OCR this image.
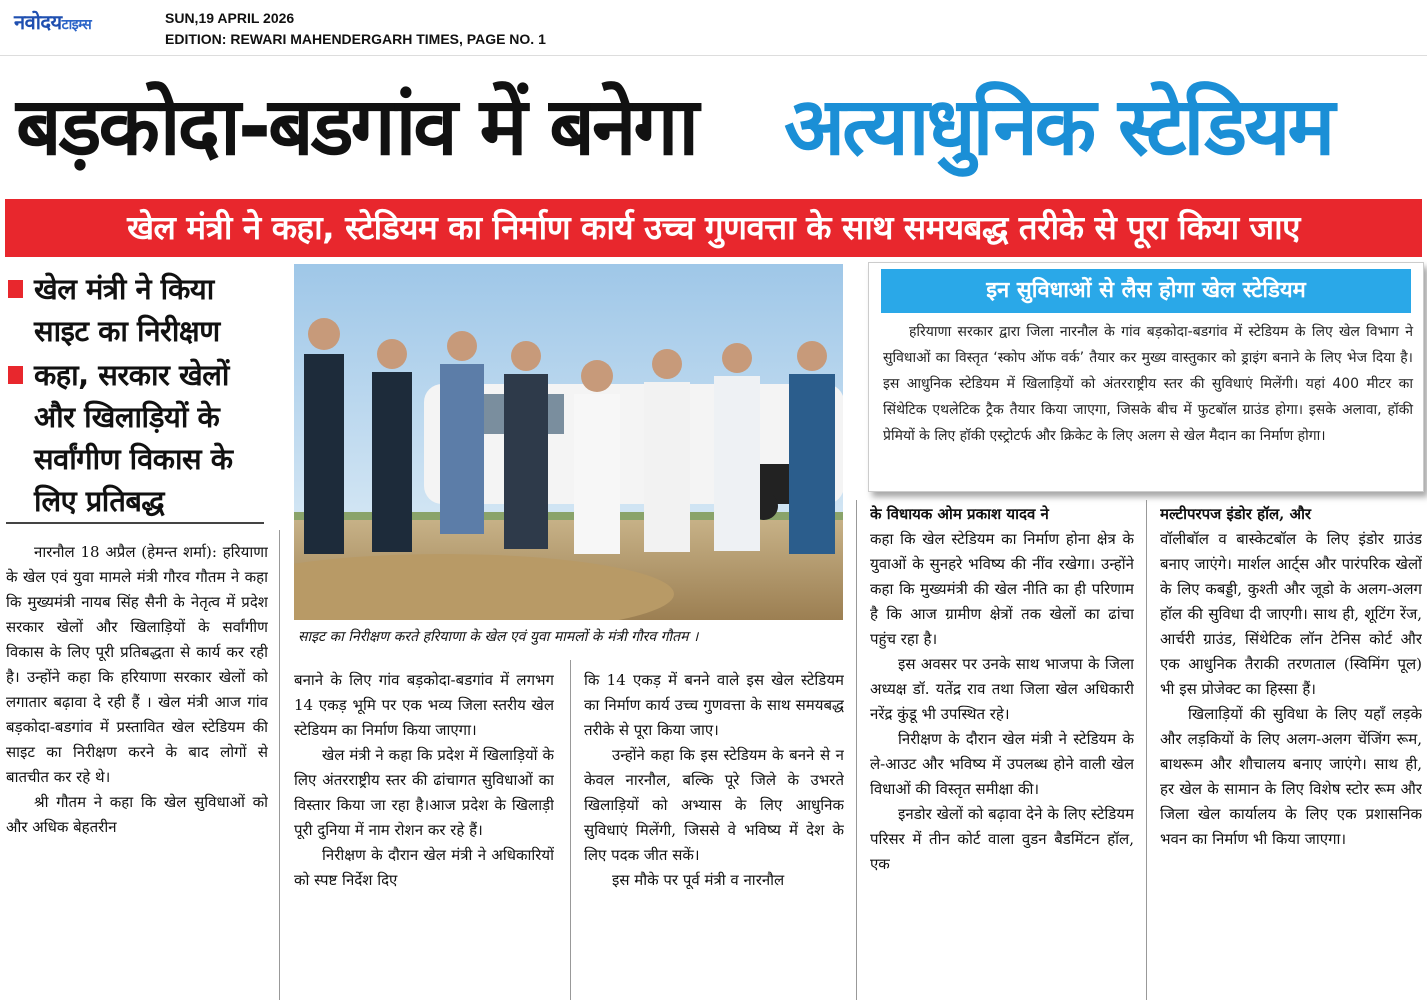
नवोदयटाइम्स	SUN,19 APRIL 2026
EDITION: REWARI MAHENDERGARH TIMES, PAGE NO. 1
बड़कोदा-बडगांव में बनेगा अत्याधुनिक स्टेडियम
खेल मंत्री ने कहा, स्टेडियम का निर्माण कार्य उच्च गुणवत्ता के साथ समयबद्ध तरीके से पूरा किया जाए
खेल मंत्री ने किया साइट का निरीक्षण
कहा, सरकार खेलों और खिलाड़ियों के सर्वांगीण विकास के लिए प्रतिबद्ध
साइट का निरीक्षण करते हरियाणा के खेल एवं युवा मामलों के मंत्री गौरव गौतम ।
इन सुविधाओं से लैस होगा खेल स्टेडियम
हरियाणा सरकार द्वारा जिला नारनौल के गांव बड़कोदा-बडगांव में स्टेडियम के लिए खेल विभाग ने सुविधाओं का विस्तृत ‘स्कोप ऑफ वर्क’ तैयार कर मुख्य वास्तुकार को ड्राइंग बनाने के लिए भेज दिया है। इस आधुनिक स्टेडियम में खिलाड़ियों को अंतरराष्ट्रीय स्तर की सुविधाएं मिलेंगी। यहां 400 मीटर का सिंथेटिक एथलेटिक ट्रैक तैयार किया जाएगा, जिसके बीच में फुटबॉल ग्राउंड होगा। इसके अलावा, हॉकी प्रेमियों के लिए हॉकी एस्ट्रोटर्फ और क्रिकेट के लिए अलग से खेल मैदान का निर्माण होगा।

नारनौल 18 अप्रैल (हेमन्त शर्मा): हरियाणा के खेल एवं युवा मामले मंत्री गौरव गौतम ने कहा कि मुख्यमंत्री नायब सिंह सैनी के नेतृत्व में प्रदेश सरकार खेलों और खिलाड़ियों के सर्वांगीण विकास के लिए पूरी प्रतिबद्धता से कार्य कर रही है। उन्होंने कहा कि हरियाणा सरकार खेलों को लगातार बढ़ावा दे रही हैं । खेल मंत्री आज गांव बड़कोदा-बडगांव में प्रस्तावित खेल स्टेडियम की साइट का निरीक्षण करने के बाद लोगों से बातचीत कर रहे थे।

श्री गौतम ने कहा कि खेल सुविधाओं को और अधिक बेहतरीन

बनाने के लिए गांव बड़कोदा-बडगांव में लगभग 14 एकड़ भूमि पर एक भव्य जिला स्तरीय खेल स्टेडियम का निर्माण किया जाएगा।

खेल मंत्री ने कहा कि प्रदेश में खिलाड़ियों के लिए अंतरराष्ट्रीय स्तर की ढांचागत सुविधाओं का विस्तार किया जा रहा है।आज प्रदेश के खिलाड़ी पूरी दुनिया में नाम रोशन कर रहे हैं।

निरीक्षण के दौरान खेल मंत्री ने अधिकारियों को स्पष्ट निर्देश दिए

कि 14 एकड़ में बनने वाले इस खेल स्टेडियम का निर्माण कार्य उच्च गुणवत्ता के साथ समयबद्ध तरीके से पूरा किया जाए।

उन्होंने कहा कि इस स्टेडियम के बनने से न केवल नारनौल, बल्कि पूरे जिले के उभरते खिलाड़ियों को अभ्यास के लिए आधुनिक सुविधाएं मिलेंगी, जिससे वे भविष्य में देश के लिए पदक जीत सकें।

इस मौके पर पूर्व मंत्री व नारनौल

के विधायक ओम प्रकाश यादव ने

कहा कि खेल स्टेडियम का निर्माण होना क्षेत्र के युवाओं के सुनहरे भविष्य की नींव रखेगा। उन्होंने कहा कि मुख्यमंत्री की खेल नीति का ही परिणाम है कि आज ग्रामीण क्षेत्रों तक खेलों का ढांचा पहुंच रहा है।

इस अवसर पर उनके साथ भाजपा के जिला अध्यक्ष डॉ. यतेंद्र राव तथा जिला खेल अधिकारी नरेंद्र कुंडू भी उपस्थित रहे।

निरीक्षण के दौरान खेल मंत्री ने स्टेडियम के ले-आउट और भविष्य में उपलब्ध होने वाली खेल विधाओं की विस्तृत समीक्षा की।

इनडोर खेलों को बढ़ावा देने के लिए स्टेडियम परिसर में तीन कोर्ट वाला वुडन बैडमिंटन हॉल, एक

मल्टीपरपज इंडोर हॉल, और

वॉलीबॉल व बास्केटबॉल के लिए इंडोर ग्राउंड बनाए जाएंगे। मार्शल आर्ट्स और पारंपरिक खेलों के लिए कबड्डी, कुश्ती और जूडो के अलग-अलग हॉल की सुविधा दी जाएगी। साथ ही, शूटिंग रेंज, आर्चरी ग्राउंड, सिंथेटिक लॉन टेनिस कोर्ट और एक आधुनिक तैराकी तरणताल (स्विमिंग पूल) भी इस प्रोजेक्ट का हिस्सा हैं।

खिलाड़ियों की सुविधा के लिए यहाँ लड़के और लड़कियों के लिए अलग-अलग चेंजिंग रूम, बाथरूम और शौचालय बनाए जाएंगे। साथ ही, हर खेल के सामान के लिए विशेष स्टोर रूम और जिला खेल कार्यालय के लिए एक प्रशासनिक भवन का निर्माण भी किया जाएगा।
